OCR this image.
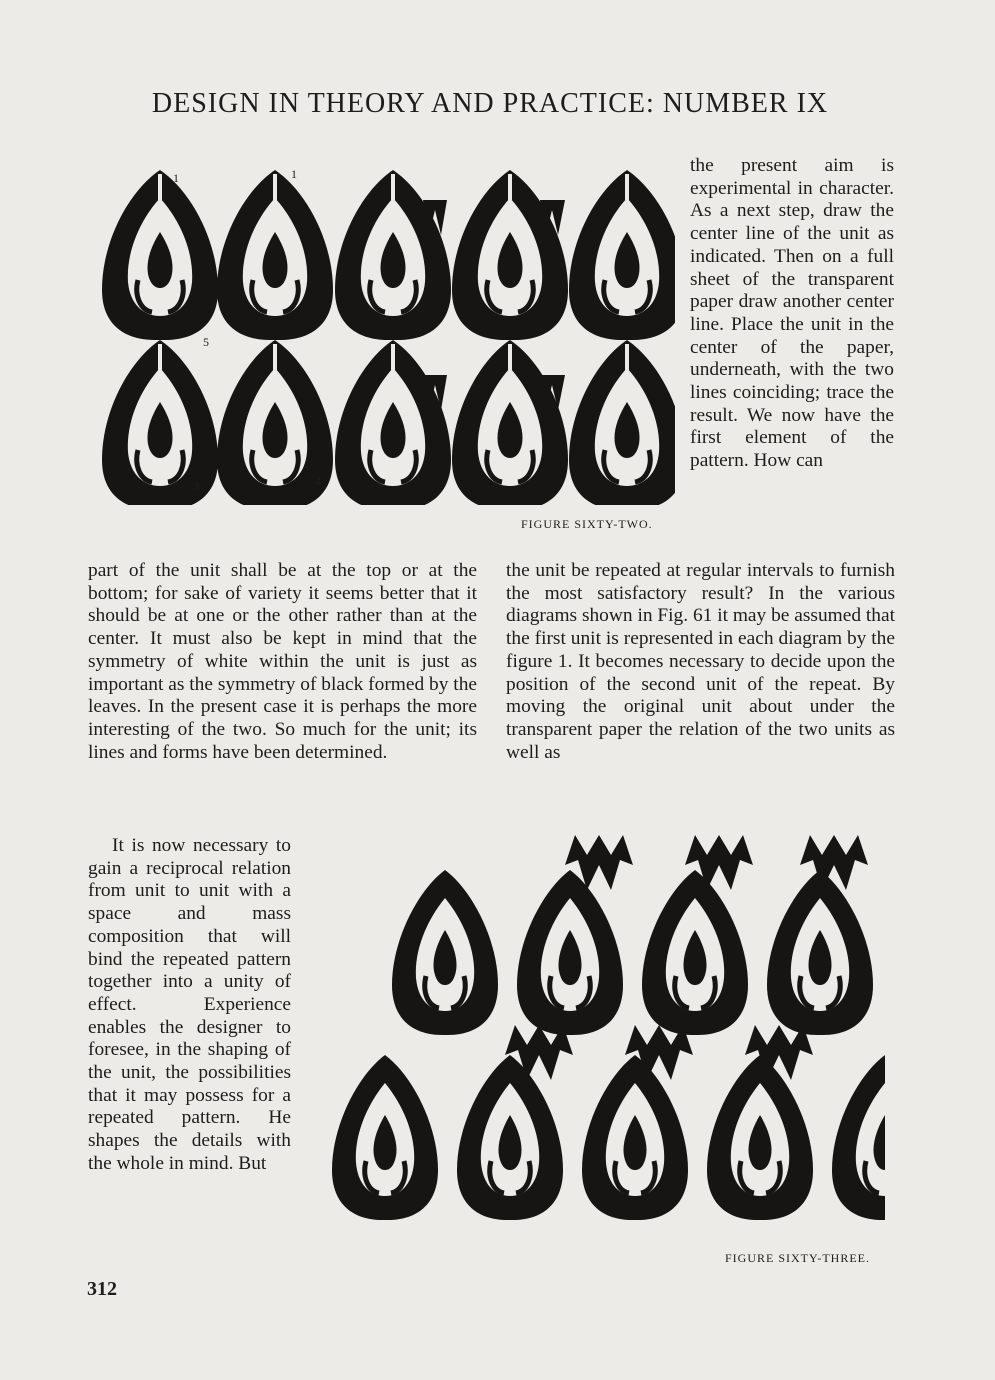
DESIGN IN THEORY AND PRACTICE: NUMBER IX
1	1
5
3	4
FIGURE SIXTY-TWO.

the present aim is experimental in character. As a next step, draw the center line of the unit as indicated. Then on a full sheet of the transparent paper draw another center line. Place the unit in the center of the paper, underneath, with the two lines coinciding; trace the result. We now have the first element of the pattern. How can

part of the unit shall be at the top or at the bottom; for sake of variety it seems better that it should be at one or the other rather than at the center. It must also be kept in mind that the symmetry of white within the unit is just as important as the symmetry of black formed by the leaves. In the present case it is perhaps the more interesting of the two. So much for the unit; its lines and forms have been determined.

the unit be repeated at regular intervals to furnish the most satisfactory result? In the various diagrams shown in Fig. 61 it may be assumed that the first unit is represented in each diagram by the figure 1. It becomes necessary to decide upon the position of the second unit of the repeat. By moving the original unit about under the transparent paper the relation of the two units as well as

It is now necessary to gain a reciprocal relation from unit to unit with a space and mass composition that will bind the repeated pattern together into a unity of effect. Experience enables the designer to foresee, in the shaping of the unit, the possibilities that it may possess for a repeated pattern. He shapes the details with the whole in mind. But

FIGURE SIXTY-THREE.
312
